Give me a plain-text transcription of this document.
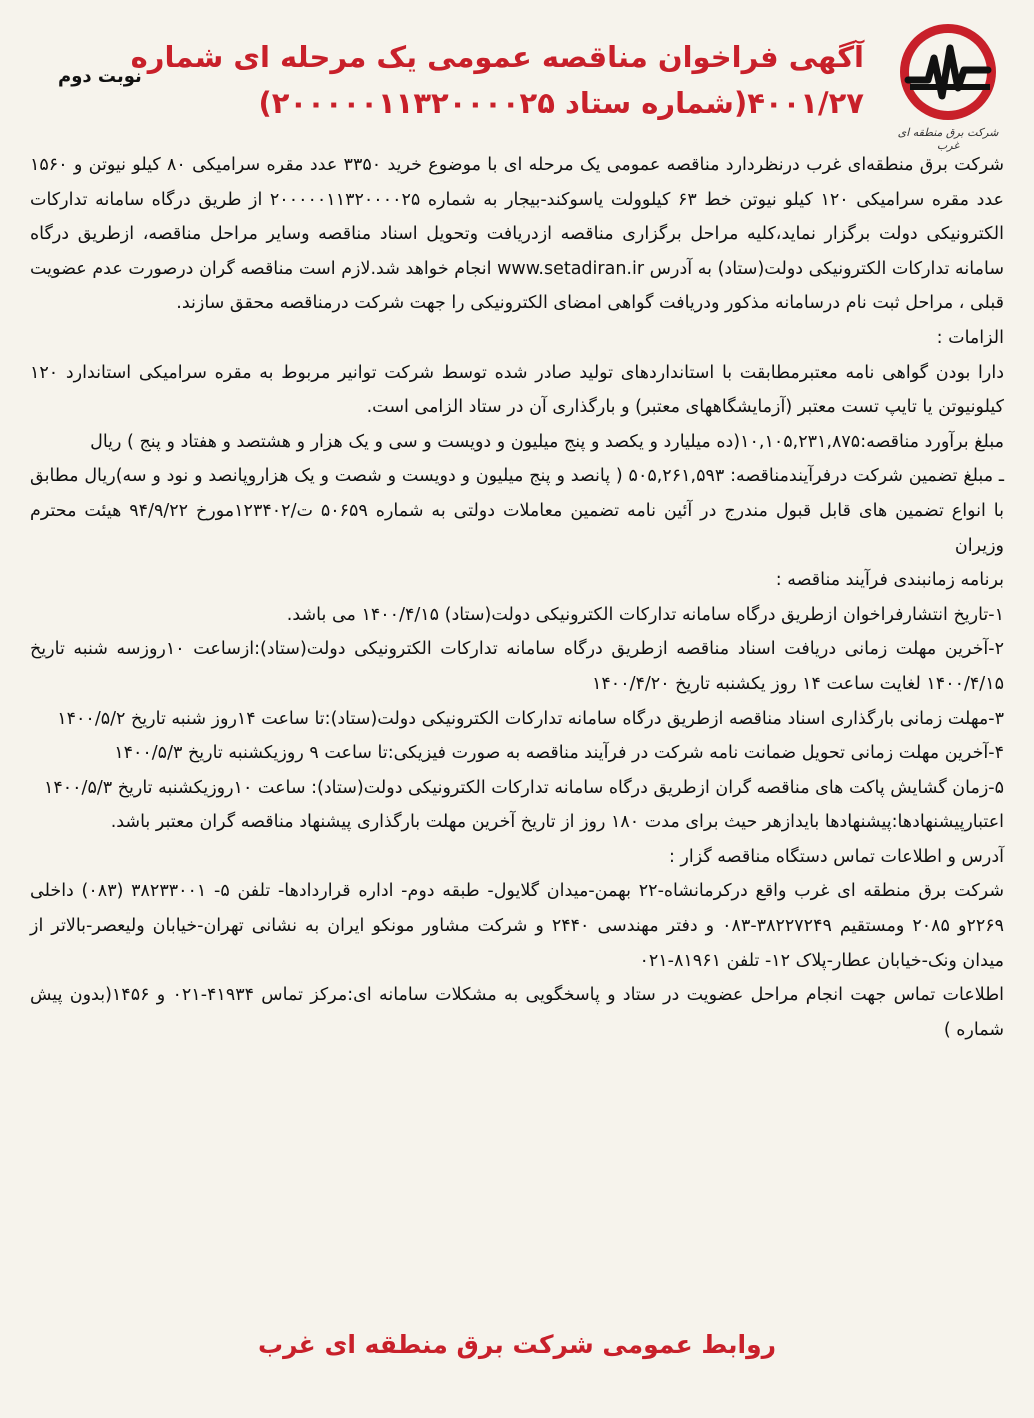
شرکت برق منطقه ای غرب
آگهی فراخوان مناقصه عمومی یک مرحله ای شماره
۴۰۰۱/۲۷(شماره ستاد ۲۰۰۰۰۰۱۱۳۲۰۰۰۰۲۵)
نوبت دوم

شرکت برق منطقه‌ای غرب درنظردارد مناقصه عمومی یک مرحله ای با موضوع خرید ۳۳۵۰ عدد مقره سرامیکی ۸۰ کیلو نیوتن و ۱۵۶۰ عدد مقره سرامیکی ۱۲۰ کیلو نیوتن خط ۶۳ کیلوولت یاسوکند-بیجار به شماره ۲۰۰۰۰۰۱۱۳۲۰۰۰۰۲۵ از طریق درگاه سامانه تدارکات الکترونیکی دولت برگزار نماید،کلیه مراحل برگزاری مناقصه ازدریافت وتحویل اسناد مناقصه وسایر مراحل مناقصه، ازطریق درگاه سامانه تدارکات الکترونیکی دولت(ستاد) به آدرس www.setadiran.ir انجام خواهد شد.لازم است مناقصه گران درصورت عدم عضویت قبلی ، مراحل ثبت نام درسامانه مذکور ودریافت گواهی امضای الکترونیکی را جهت شرکت درمناقصه محقق سازند.

الزامات :

دارا بودن گواهی نامه معتبرمطابقت با استانداردهای تولید صادر شده توسط شرکت توانیر مربوط به مقره سرامیکی استاندارد ۱۲۰ کیلونیوتن یا تایپ تست معتبر (آزمایشگاههای معتبر) و بارگذاری آن در ستاد الزامی است.

مبلغ برآورد مناقصه:۱۰,۱۰۵,۲۳۱,۸۷۵(ده میلیارد و یکصد و پنج میلیون و دویست و سی و یک هزار و هشتصد و هفتاد و پنج ) ریال

ـ مبلغ تضمین شرکت درفرآیندمناقصه: ۵۰۵,۲۶۱,۵۹۳ ( پانصد و پنج میلیون و دویست و شصت و یک هزاروپانصد و نود و سه)ریال مطابق با انواع تضمین های قابل قبول مندرج در آئین نامه تضمین معاملات دولتی به شماره ۵۰۶۵۹ ت/۱۲۳۴۰۲مورخ ۹۴/۹/۲۲ هیئت محترم وزیران

برنامه زمانبندی فرآیند مناقصه :

۱-تاریخ انتشارفراخوان ازطریق درگاه سامانه تدارکات الکترونیکی دولت(ستاد) ۱۴۰۰/۴/۱۵ می باشد.

۲-آخرین مهلت زمانی دریافت اسناد مناقصه ازطریق درگاه سامانه تدارکات الکترونیکی دولت(ستاد):ازساعت ۱۰روزسه شنبه تاریخ ۱۴۰۰/۴/۱۵ لغایت ساعت ۱۴ روز یکشنبه تاریخ ۱۴۰۰/۴/۲۰

۳-مهلت زمانی بارگذاری اسناد مناقصه ازطریق درگاه سامانه تدارکات الکترونیکی دولت(ستاد):تا ساعت ۱۴روز شنبه تاریخ ۱۴۰۰/۵/۲

۴-آخرین مهلت زمانی تحویل ضمانت نامه شرکت در فرآیند مناقصه به صورت فیزیکی:تا ساعت ۹ روزیکشنبه تاریخ ۱۴۰۰/۵/۳

۵-زمان گشایش پاکت های مناقصه گران ازطریق درگاه سامانه تدارکات الکترونیکی دولت(ستاد): ساعت ۱۰روزیکشنبه تاریخ ۱۴۰۰/۵/۳

اعتبارپیشنهادها:پیشنهادها بایدازهر حیث برای مدت ۱۸۰ روز از تاریخ آخرین مهلت بارگذاری پیشنهاد مناقصه گران معتبر باشد.

آدرس و اطلاعات تماس دستگاه مناقصه گزار :

شرکت برق منطقه ای غرب واقع درکرمانشاه-۲۲ بهمن-میدان گلایول- طبقه دوم- اداره قراردادها- تلفن ۵- ۳۸۲۳۳۰۰۱ (۰۸۳) داخلی ۲۲۶۹و ۲۰۸۵ ومستقیم ۳۸۲۲۷۲۴۹-۰۸۳ و دفتر مهندسی ۲۴۴۰ و شرکت مشاور مونکو ایران به نشانی تهران-خیابان ولیعصر-بالاتر از میدان ونک-خیابان عطار-پلاک ۱۲- تلفن ۸۱۹۶۱-۰۲۱

اطلاعات تماس جهت انجام مراحل عضویت در ستاد و پاسخگویی به مشکلات سامانه ای:مرکز تماس ۴۱۹۳۴-۰۲۱ و ۱۴۵۶(بدون پیش شماره )

روابط عمومی شرکت برق منطقه ای غرب
